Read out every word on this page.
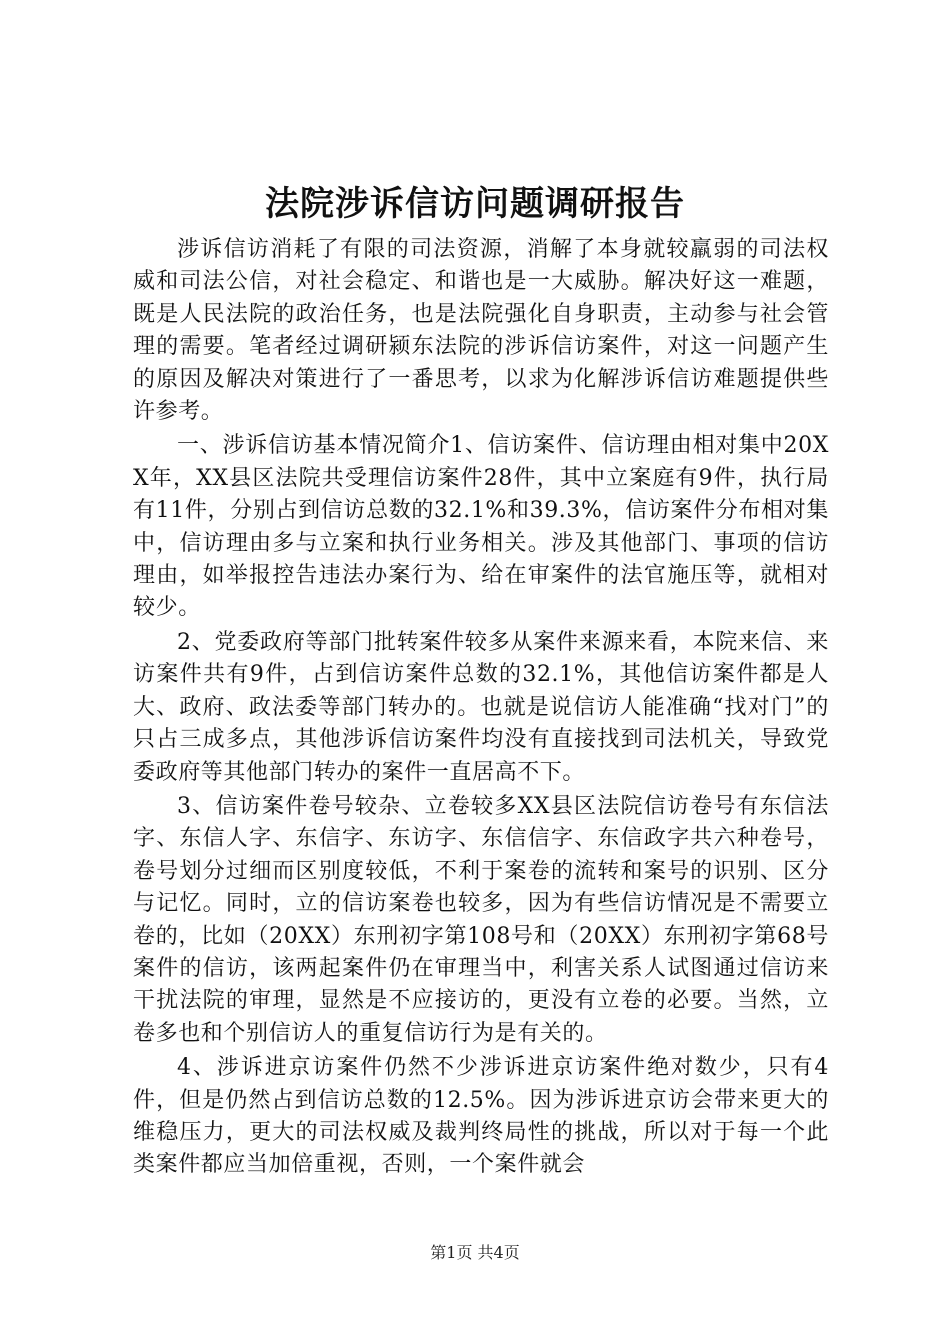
法院涉诉信访问题调研报告

涉诉信访消耗了有限的司法资源，消解了本身就较羸弱的司法权威和司法公信，对社会稳定、和谐也是一大威胁。解决好这一难题，既是人民法院的政治任务，也是法院强化自身职责，主动参与社会管理的需要。笔者经过调研颍东法院的涉诉信访案件，对这一问题产生的原因及解决对策进行了一番思考，以求为化解涉诉信访难题提供些许参考。

一、涉诉信访基本情况简介1、信访案件、信访理由相对集中20XX年，XX县区法院共受理信访案件28件，其中立案庭有9件，执行局有11件，分别占到信访总数的32.1%和39.3%，信访案件分布相对集中，信访理由多与立案和执行业务相关。涉及其他部门、事项的信访理由，如举报控告违法办案行为、给在审案件的法官施压等，就相对较少。

2、党委政府等部门批转案件较多从案件来源来看，本院来信、来访案件共有9件，占到信访案件总数的32.1%，其他信访案件都是人大、政府、政法委等部门转办的。也就是说信访人能准确“找对门”的只占三成多点，其他涉诉信访案件均没有直接找到司法机关，导致党委政府等其他部门转办的案件一直居高不下。

3、信访案件卷号较杂、立卷较多XX县区法院信访卷号有东信法字、东信人字、东信字、东访字、东信信字、东信政字共六种卷号，卷号划分过细而区别度较低，不利于案卷的流转和案号的识别、区分与记忆。同时，立的信访案卷也较多，因为有些信访情况是不需要立卷的，比如（20XX）东刑初字第108号和（20XX）东刑初字第68号案件的信访，该两起案件仍在审理当中，利害关系人试图通过信访来干扰法院的审理，显然是不应接访的，更没有立卷的必要。当然，立卷多也和个别信访人的重复信访行为是有关的。

4、涉诉进京访案件仍然不少涉诉进京访案件绝对数少，只有4件，但是仍然占到信访总数的12.5%。因为涉诉进京访会带来更大的维稳压力，更大的司法权威及裁判终局性的挑战，所以对于每一个此类案件都应当加倍重视，否则，一个案件就会

第1页 共4页
